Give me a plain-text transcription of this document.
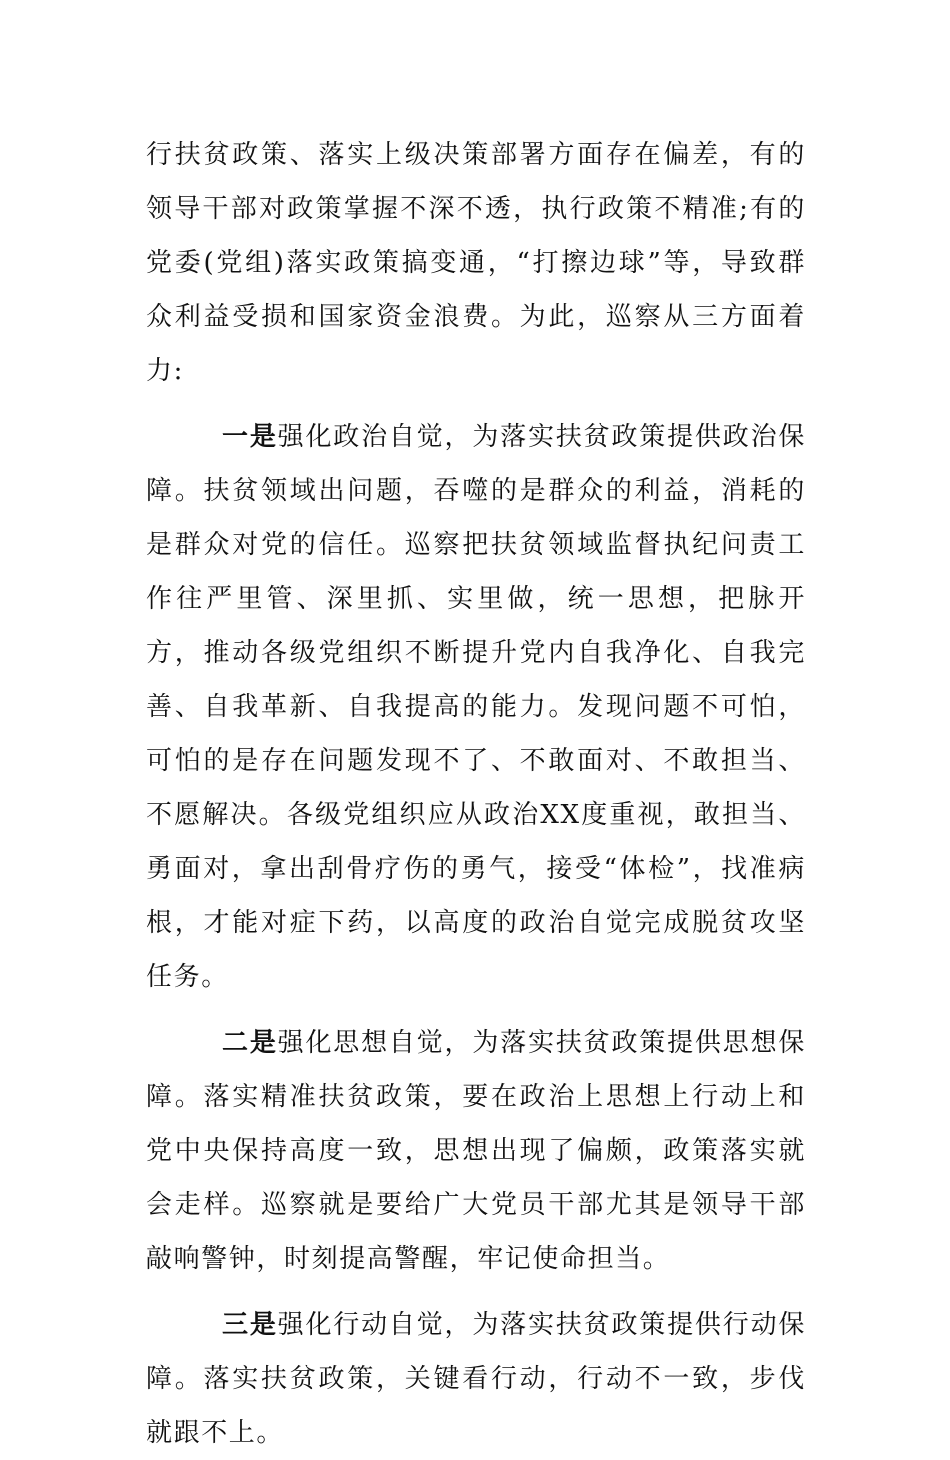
行扶贫政策、落实上级决策部署方面存在偏差，有的领导干部对政策掌握不深不透，执行政策不精准;有的党委(党组)落实政策搞变通，“打擦边球”等，导致群众利益受损和国家资金浪费。为此，巡察从三方面着力:

一是强化政治自觉，为落实扶贫政策提供政治保障。扶贫领域出问题，吞噬的是群众的利益，消耗的是群众对党的信任。巡察把扶贫领域监督执纪问责工作往严里管、深里抓、实里做，统一思想，把脉开方，推动各级党组织不断提升党内自我净化、自我完善、自我革新、自我提高的能力。发现问题不可怕，可怕的是存在问题发现不了、不敢面对、不敢担当、不愿解决。各级党组织应从政治XX度重视，敢担当、勇面对，拿出刮骨疗伤的勇气，接受“体检”，找准病根，才能对症下药，以高度的政治自觉完成脱贫攻坚任务。

二是强化思想自觉，为落实扶贫政策提供思想保障。落实精准扶贫政策，要在政治上思想上行动上和党中央保持高度一致，思想出现了偏颇，政策落实就会走样。巡察就是要给广大党员干部尤其是领导干部敲响警钟，时刻提高警醒，牢记使命担当。

三是强化行动自觉，为落实扶贫政策提供行动保障。落实扶贫政策，关键看行动，行动不一致，步伐就跟不上。
